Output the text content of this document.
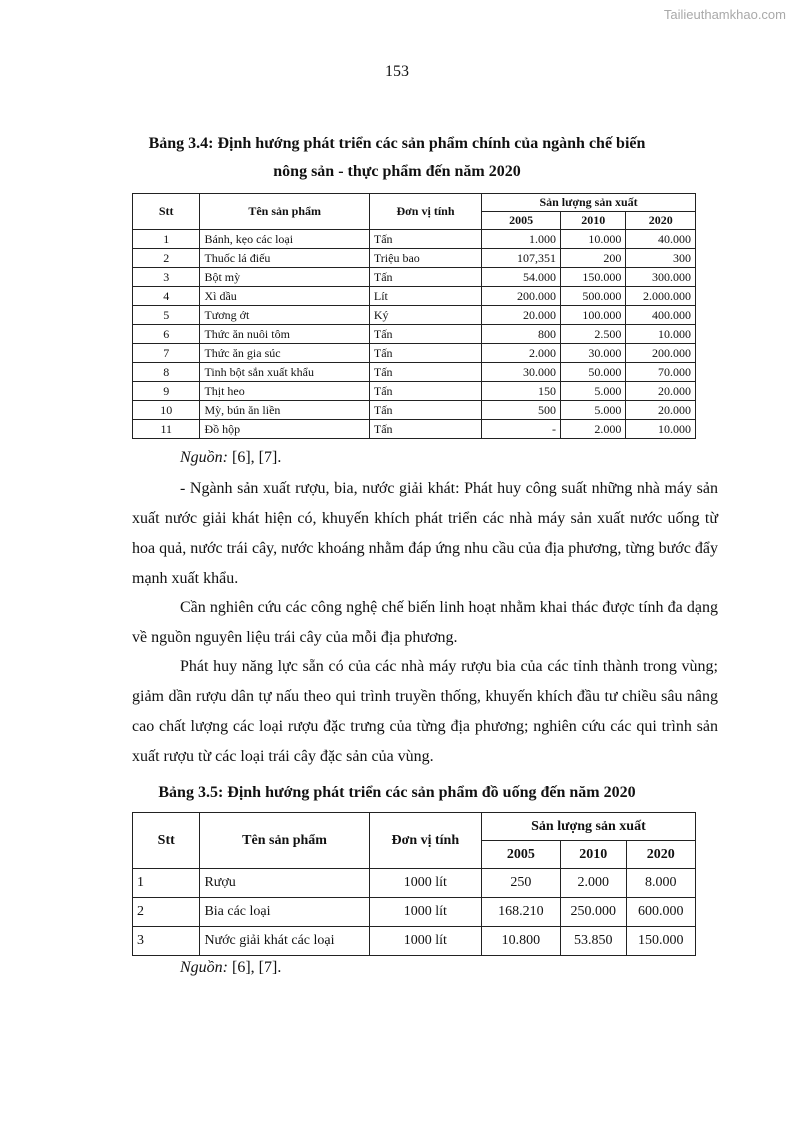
Tailieuthamkhao.com
153
Bảng 3.4: Định hướng phát triển các sản phẩm chính của ngành chế biến
nông sản - thực phẩm đến năm 2020
Stt	Tên sản phẩm	Đơn vị tính	Sản lượng sản xuất		
			2005	2010	2020
1	Bánh, kẹo các loại	Tấn	1.000	10.000	40.000
2	Thuốc lá điếu	Triệu bao	107,351	200	300
3	Bột mỳ	Tấn	54.000	150.000	300.000
4	Xì dầu	Lít	200.000	500.000	2.000.000
5	Tương ớt	Ký	20.000	100.000	400.000
6	Thức ăn nuôi tôm	Tấn	800	2.500	10.000
7	Thức ăn gia súc	Tấn	2.000	30.000	200.000
8	Tinh bột sắn xuất khẩu	Tấn	30.000	50.000	70.000
9	Thịt heo	Tấn	150	5.000	20.000
10	Mỳ, bún ăn liền	Tấn	500	5.000	20.000
11	Đồ hộp	Tấn	-	2.000	10.000
Nguồn: [6], [7].
- Ngành sản xuất rượu, bia, nước giải khát: Phát huy công suất những nhà máy sản xuất nước giải khát hiện có, khuyến khích phát triển các nhà máy sản xuất nước uống từ hoa quả, nước trái cây, nước khoáng nhằm đáp ứng nhu cầu của địa phương, từng bước đẩy mạnh xuất khẩu.
Cần nghiên cứu các công nghệ chế biến linh hoạt nhằm khai thác được tính đa dạng về nguồn nguyên liệu trái cây của mỗi địa phương.
Phát huy năng lực sẵn có của các nhà máy rượu bia của các tỉnh thành trong vùng; giảm dần rượu dân tự nấu theo qui trình truyền thống, khuyến khích đầu tư chiều sâu nâng cao chất lượng các loại rượu đặc trưng của từng địa phương; nghiên cứu các qui trình sản xuất rượu từ các loại trái cây đặc sản của vùng.
Bảng 3.5: Định hướng phát triển các sản phẩm đồ uống đến năm 2020
Stt	Tên sản phẩm	Đơn vị tính	Sản lượng sản xuất		
			2005	2010	2020
1	Rượu	1000 lít	250	2.000	8.000
2	Bia các loại	1000 lít	168.210	250.000	600.000
3	Nước giải khát các loại	1000 lít	10.800	53.850	150.000
Nguồn: [6], [7].
